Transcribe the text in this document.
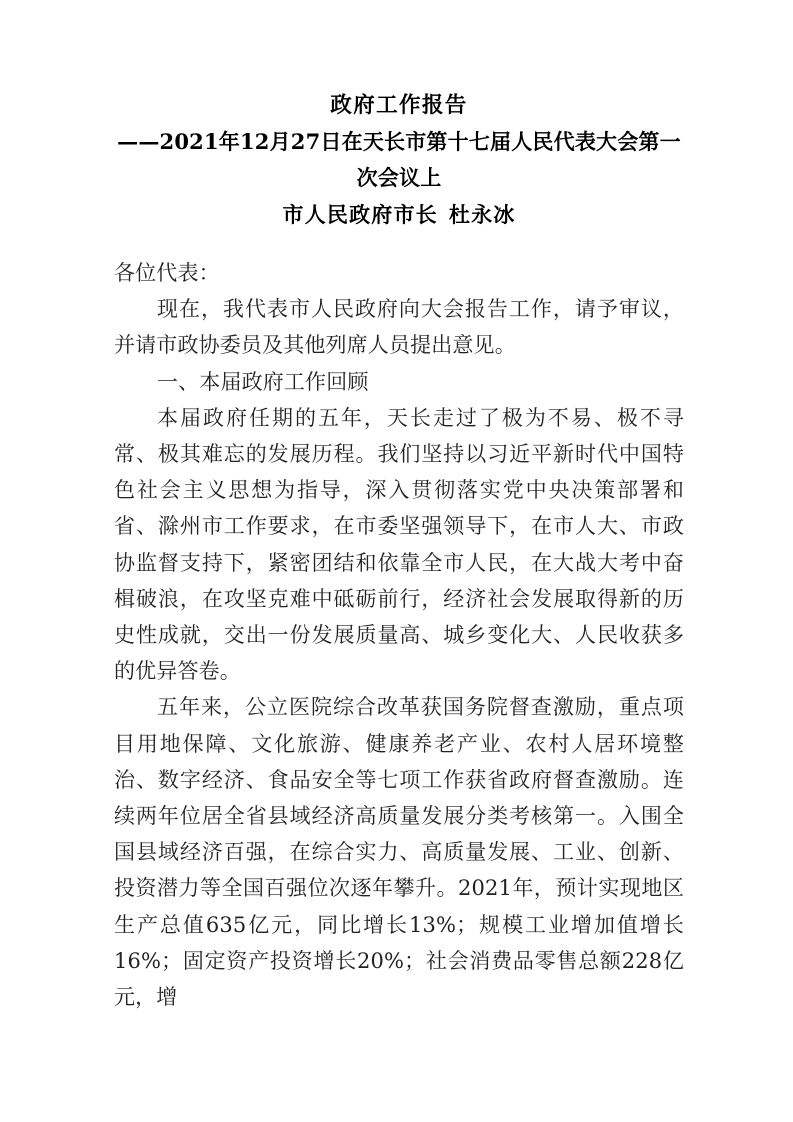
政府工作报告

——2021年12月27日在天长市第十七届人民代表大会第一次会议上

市人民政府市长 杜永冰

各位代表：

现在，我代表市人民政府向大会报告工作，请予审议，并请市政协委员及其他列席人员提出意见。

一、本届政府工作回顾

本届政府任期的五年，天长走过了极为不易、极不寻常、极其难忘的发展历程。我们坚持以习近平新时代中国特色社会主义思想为指导，深入贯彻落实党中央决策部署和省、滁州市工作要求，在市委坚强领导下，在市人大、市政协监督支持下，紧密团结和依靠全市人民，在大战大考中奋楫破浪，在攻坚克难中砥砺前行，经济社会发展取得新的历史性成就，交出一份发展质量高、城乡变化大、人民收获多的优异答卷。

五年来，公立医院综合改革获国务院督查激励，重点项目用地保障、文化旅游、健康养老产业、农村人居环境整治、数字经济、食品安全等七项工作获省政府督查激励。连续两年位居全省县域经济高质量发展分类考核第一。入围全国县域经济百强，在综合实力、高质量发展、工业、创新、投资潜力等全国百强位次逐年攀升。2021年，预计实现地区生产总值635亿元，同比增长13%；规模工业增加值增长16%；固定资产投资增长20%；社会消费品零售总额228亿元，增
